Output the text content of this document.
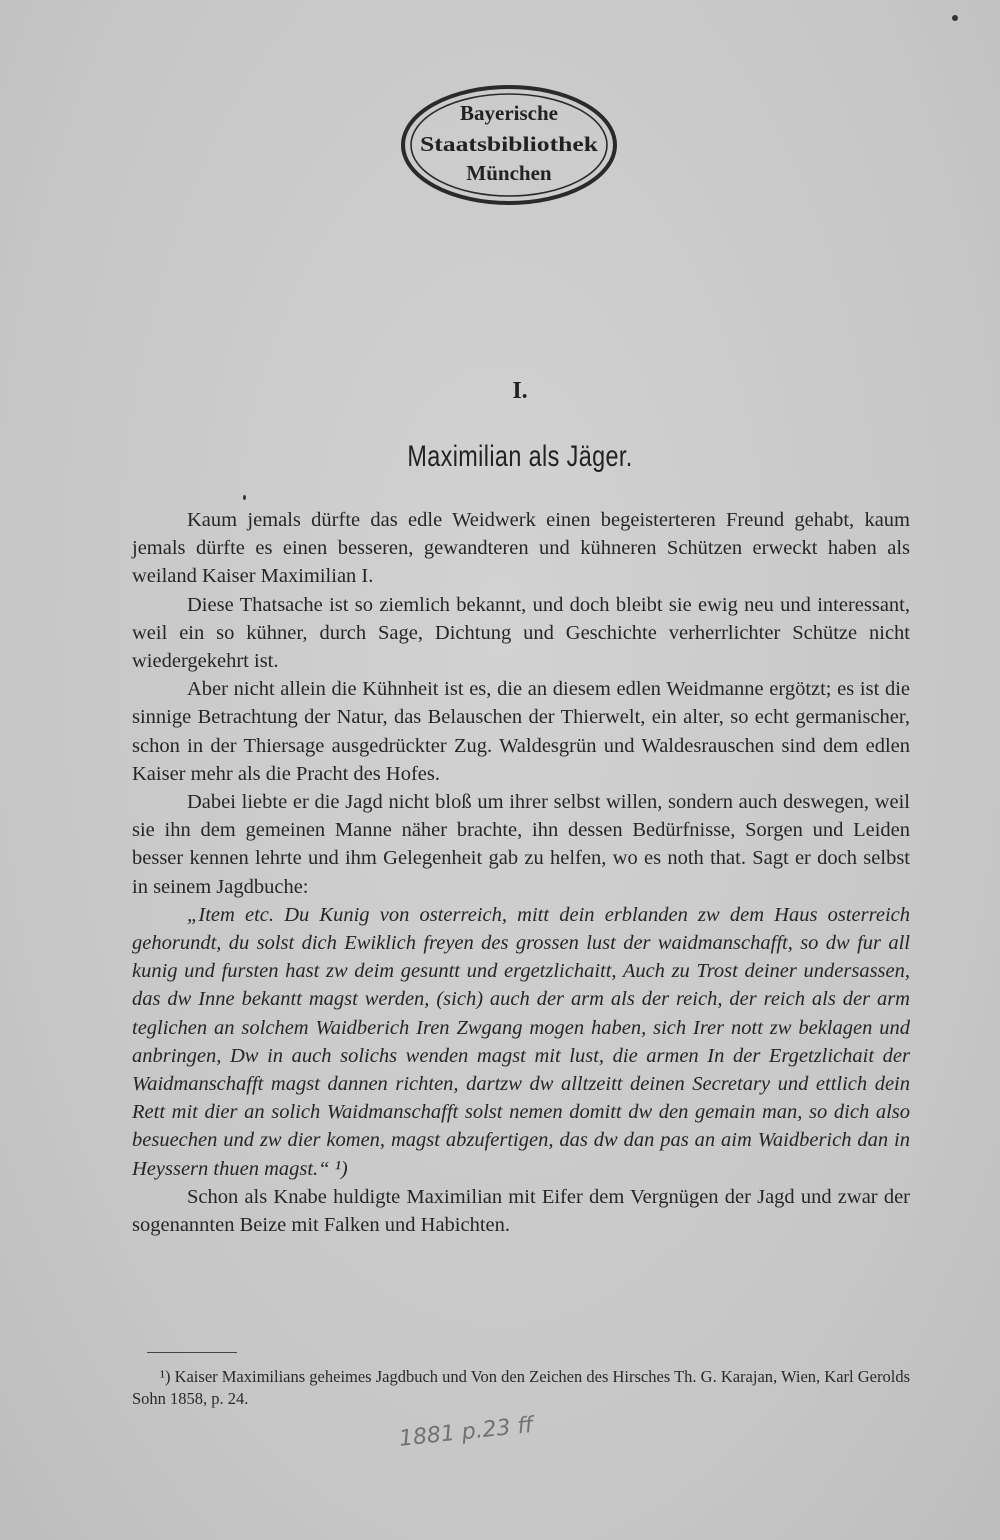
Bayerische
Staatsbibliothek
München
I.
Maximilian als Jäger.

Kaum jemals dürfte das edle Weidwerk einen begeisterteren Freund gehabt, kaum jemals dürfte es einen besseren, gewandteren und kühneren Schützen erweckt haben als weiland Kaiser Maximilian I.

Diese Thatsache ist so ziemlich bekannt, und doch bleibt sie ewig neu und interessant, weil ein so kühner, durch Sage, Dichtung und Geschichte verherrlichter Schütze nicht wiedergekehrt ist.

Aber nicht allein die Kühnheit ist es, die an diesem edlen Weidmanne ergötzt; es ist die sinnige Betrachtung der Natur, das Belauschen der Thierwelt, ein alter, so echt germanischer, schon in der Thiersage ausgedrückter Zug. Waldesgrün und Waldesrauschen sind dem edlen Kaiser mehr als die Pracht des Hofes.

Dabei liebte er die Jagd nicht bloß um ihrer selbst willen, sondern auch deswegen, weil sie ihn dem gemeinen Manne näher brachte, ihn dessen Bedürfnisse, Sorgen und Leiden besser kennen lehrte und ihm Gelegenheit gab zu helfen, wo es noth that. Sagt er doch selbst in seinem Jagdbuche:

„Item etc. Du Kunig von osterreich, mitt dein erblanden zw dem Haus osterreich gehorundt, du solst dich Ewiklich freyen des grossen lust der waidmanschafft, so dw fur all kunig und fursten hast zw deim gesuntt und ergetzlichaitt, Auch zu Trost deiner undersassen, das dw Inne bekantt magst werden, (sich) auch der arm als der reich, der reich als der arm teglichen an solchem Waidberich Iren Zwgang mogen haben, sich Irer nott zw beklagen und anbringen, Dw in auch solichs wenden magst mit lust, die armen In der Ergetzlichait der Waidmanschafft magst dannen richten, dartzw dw alltzeitt deinen Secretary und ettlich dein Rett mit dier an solich Waidmanschafft solst nemen domitt dw den gemain man, so dich also besuechen und zw dier komen, magst abzufertigen, das dw dan pas an aim Waidberich dan in Heyssern thuen magst.“ ¹)

Schon als Knabe huldigte Maximilian mit Eifer dem Vergnügen der Jagd und zwar der sogenannten Beize mit Falken und Habichten.

¹) Kaiser Maximilians geheimes Jagdbuch und Von den Zeichen des Hirsches Th. G. Karajan, Wien, Karl Gerolds Sohn 1858, p. 24.
1881 p.23 ff
